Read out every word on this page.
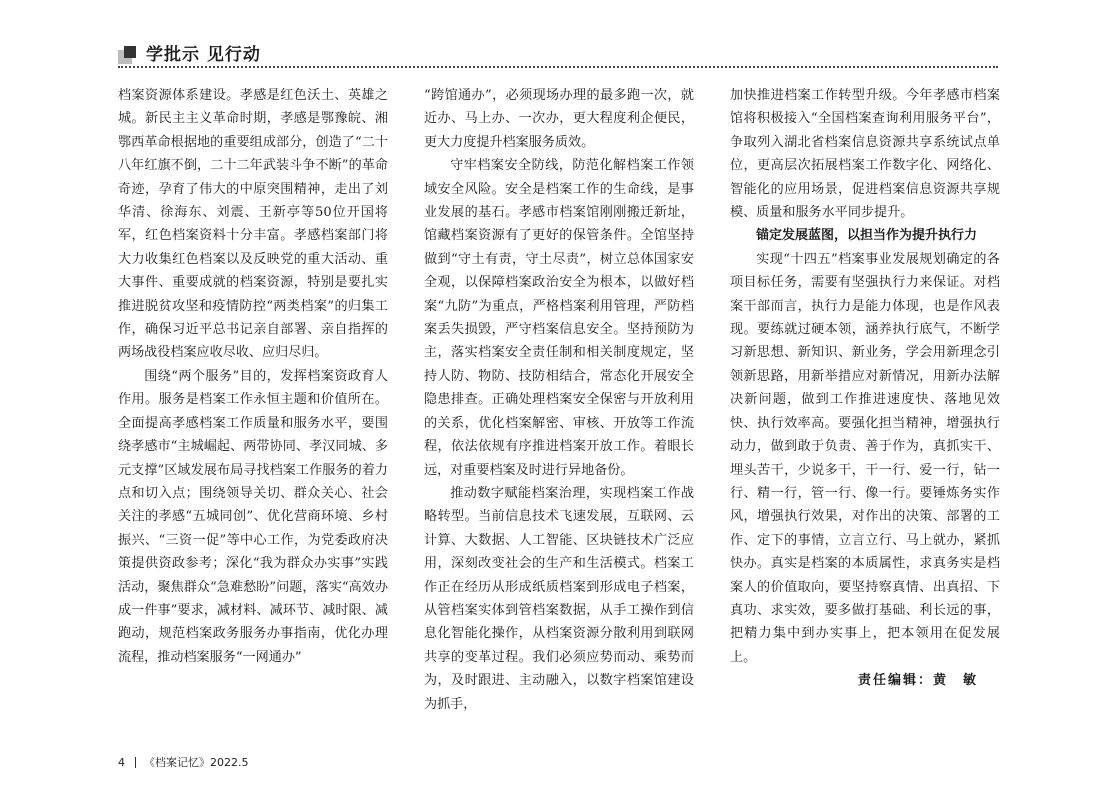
学批示 见行动

档案资源体系建设。孝感是红色沃土、英雄之城。新民主主义革命时期，孝感是鄂豫皖、湘鄂西革命根据地的重要组成部分，创造了“二十八年红旗不倒，二十二年武装斗争不断”的革命奇迹，孕育了伟大的中原突围精神，走出了刘华清、徐海东、刘震、王新亭等50位开国将军，红色档案资料十分丰富。孝感档案部门将大力收集红色档案以及反映党的重大活动、重大事件、重要成就的档案资源，特别是要扎实推进脱贫攻坚和疫情防控“两类档案”的归集工作，确保习近平总书记亲自部署、亲自指挥的两场战役档案应收尽收、应归尽归。

围绕“两个服务”目的，发挥档案资政育人作用。服务是档案工作永恒主题和价值所在。全面提高孝感档案工作质量和服务水平，要围绕孝感市“主城崛起、两带协同、孝汉同城、多元支撑”区域发展布局寻找档案工作服务的着力点和切入点；围绕领导关切、群众关心、社会关注的孝感“五城同创”、优化营商环境、乡村振兴、“三资一促”等中心工作，为党委政府决策提供资政参考；深化“我为群众办实事”实践活动，聚焦群众“急难愁盼”问题，落实“高效办成一件事”要求，减材料、减环节、减时限、减跑动，规范档案政务服务办事指南，优化办理流程，推动档案服务“一网通办”

“跨馆通办”，必须现场办理的最多跑一次，就近办、马上办、一次办，更大程度利企便民，更大力度提升档案服务质效。

守牢档案安全防线，防范化解档案工作领域安全风险。安全是档案工作的生命线，是事业发展的基石。孝感市档案馆刚刚搬迁新址，馆藏档案资源有了更好的保管条件。全馆坚持做到“守土有责，守土尽责”，树立总体国家安全观，以保障档案政治安全为根本，以做好档案“九防”为重点，严格档案利用管理，严防档案丢失损毁，严守档案信息安全。坚持预防为主，落实档案安全责任制和相关制度规定，坚持人防、物防、技防相结合，常态化开展安全隐患排查。正确处理档案安全保密与开放利用的关系，优化档案解密、审核、开放等工作流程，依法依规有序推进档案开放工作。着眼长远，对重要档案及时进行异地备份。

推动数字赋能档案治理，实现档案工作战略转型。当前信息技术飞速发展，互联网、云计算、大数据、人工智能、区块链技术广泛应用，深刻改变社会的生产和生活模式。档案工作正在经历从形成纸质档案到形成电子档案，从管档案实体到管档案数据，从手工操作到信息化智能化操作，从档案资源分散利用到联网共享的变革过程。我们必须应势而动、乘势而为，及时跟进、主动融入，以数字档案馆建设为抓手，

加快推进档案工作转型升级。今年孝感市档案馆将积极接入“全国档案查询利用服务平台”，争取列入湖北省档案信息资源共享系统试点单位，更高层次拓展档案工作数字化、网络化、智能化的应用场景，促进档案信息资源共享规模、质量和服务水平同步提升。

锚定发展蓝图，以担当作为提升执行力

实现“十四五”档案事业发展规划确定的各项目标任务，需要有坚强执行力来保证。对档案干部而言，执行力是能力体现，也是作风表现。要练就过硬本领，涵养执行底气，不断学习新思想、新知识、新业务，学会用新理念引领新思路，用新举措应对新情况，用新办法解决新问题，做到工作推进速度快、落地见效快、执行效率高。要强化担当精神，增强执行动力，做到敢于负责、善于作为，真抓实干、埋头苦干，少说多干，干一行、爱一行，钻一行、精一行，管一行、像一行。要锤炼务实作风，增强执行效果，对作出的决策、部署的工作、定下的事情，立言立行、马上就办，紧抓快办。真实是档案的本质属性，求真务实是档案人的价值取向，要坚持察真情、出真招、下真功、求实效，要多做打基础、利长远的事，把精力集中到办实事上，把本领用在促发展上。

责任编辑：黄　敏
4 《档案记忆》2022.5
